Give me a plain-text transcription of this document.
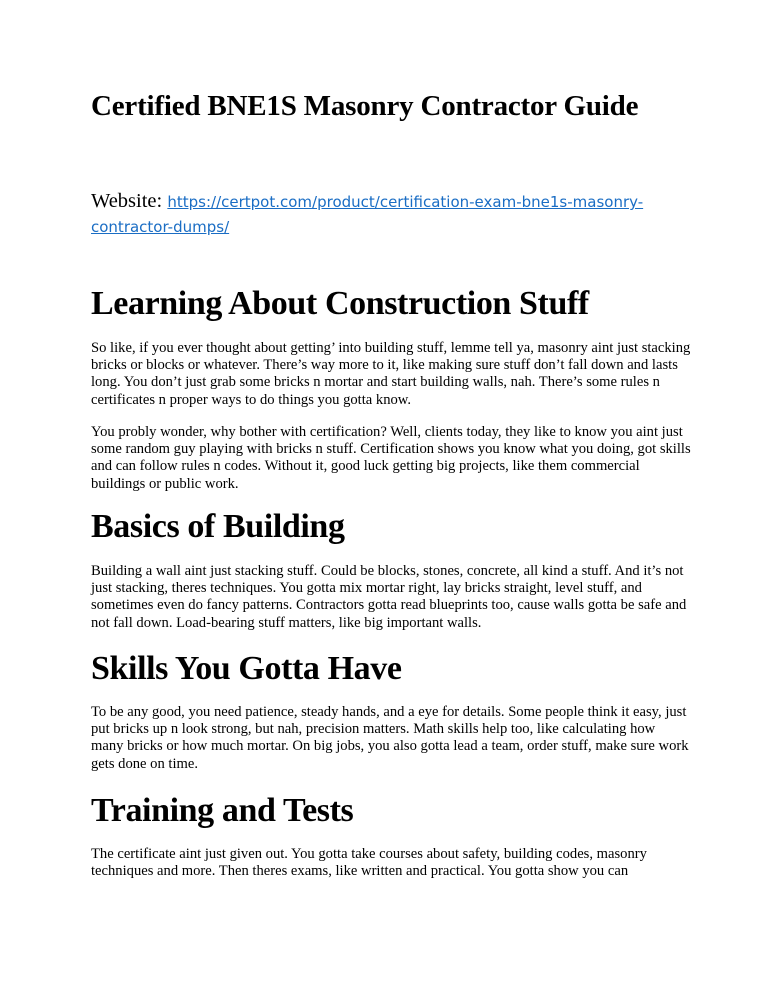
Certified BNE1S Masonry Contractor Guide

Website: https://certpot.com/product/certification-exam-bne1s-masonry-contractor-dumps/

Learning About Construction Stuff

So like, if you ever thought about getting’ into building stuff, lemme tell ya, masonry aint just stacking bricks or blocks or whatever. There’s way more to it, like making sure stuff don’t fall down and lasts long. You don’t just grab some bricks n mortar and start building walls, nah. There’s some rules n certificates n proper ways to do things you gotta know.

You probly wonder, why bother with certification? Well, clients today, they like to know you aint just some random guy playing with bricks n stuff. Certification shows you know what you doing, got skills and can follow rules n codes. Without it, good luck getting big projects, like them commercial buildings or public work.

Basics of Building

Building a wall aint just stacking stuff. Could be blocks, stones, concrete, all kind a stuff. And it’s not just stacking, theres techniques. You gotta mix mortar right, lay bricks straight, level stuff, and sometimes even do fancy patterns. Contractors gotta read blueprints too, cause walls gotta be safe and not fall down. Load-bearing stuff matters, like big important walls.

Skills You Gotta Have

To be any good, you need patience, steady hands, and a eye for details. Some people think it easy, just put bricks up n look strong, but nah, precision matters. Math skills help too, like calculating how many bricks or how much mortar. On big jobs, you also gotta lead a team, order stuff, make sure work gets done on time.

Training and Tests

The certificate aint just given out. You gotta take courses about safety, building codes, masonry techniques and more. Then theres exams, like written and practical. You gotta show you can
